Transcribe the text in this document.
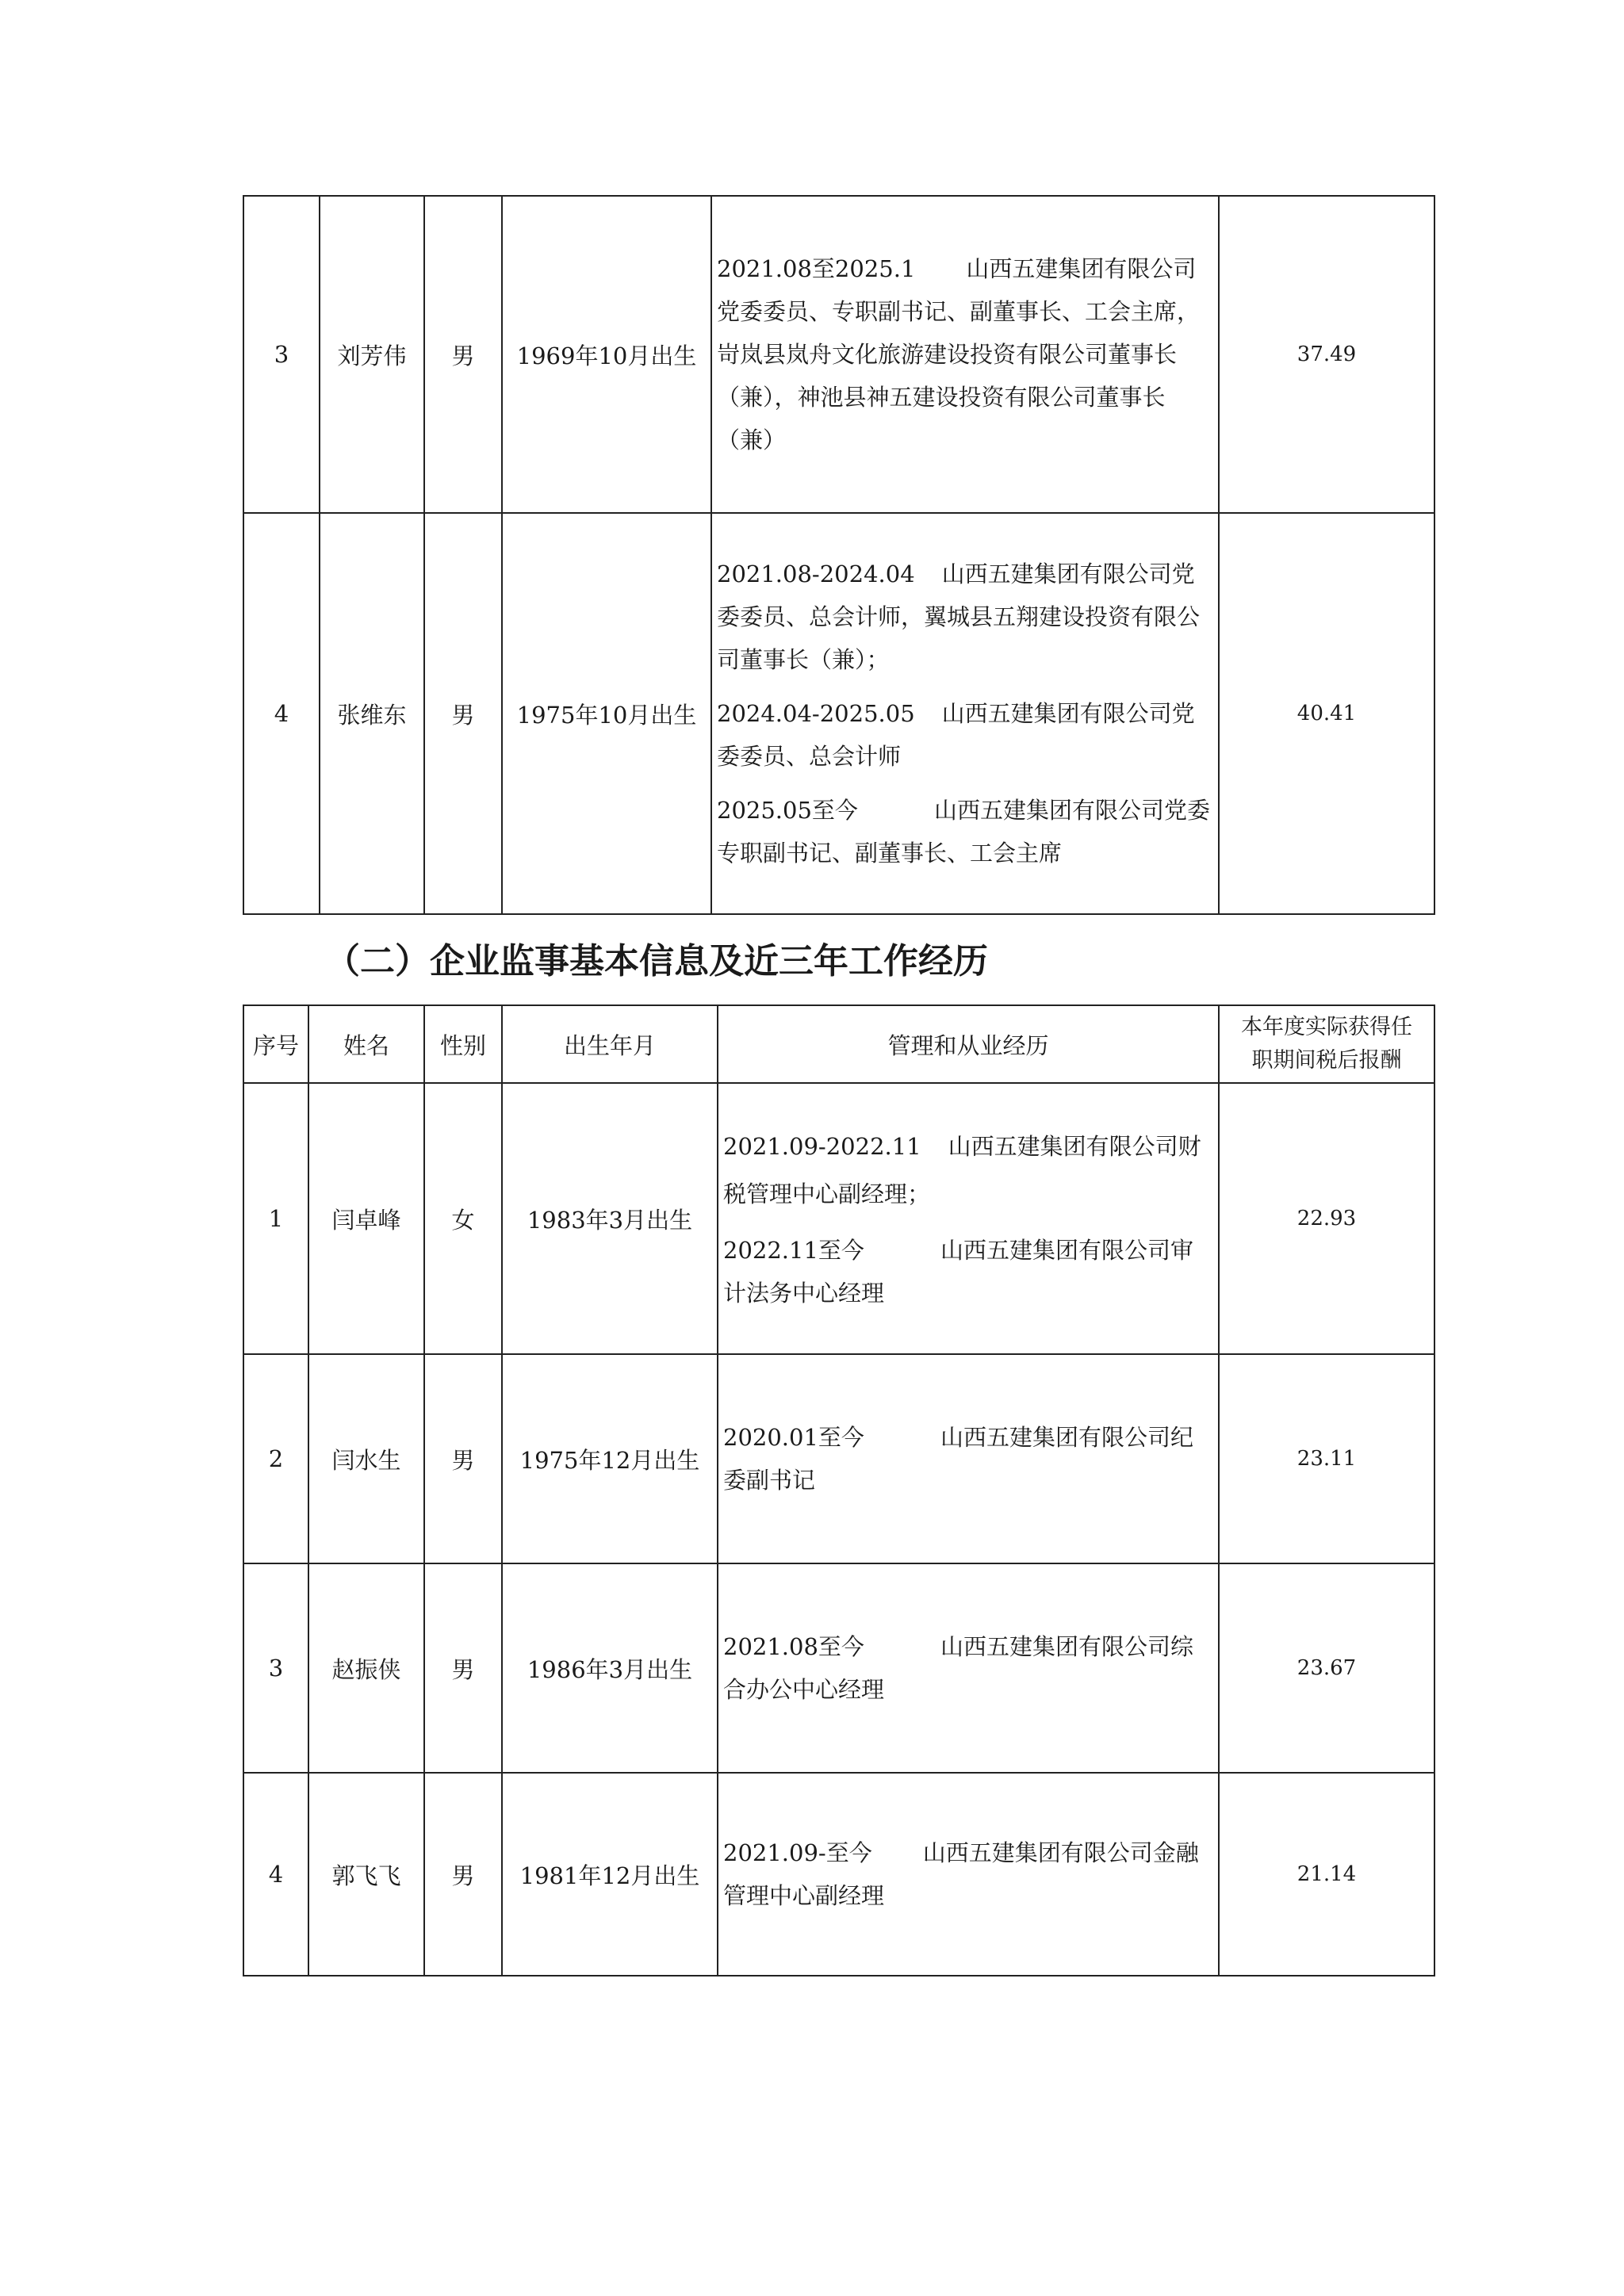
3	刘芳伟	男	1969年10月出生	2021.08至2025.1 山西五建集团有限公司党委委员、专职副书记、副董事长、工会主席，岢岚县岚舟文化旅游建设投资有限公司董事长（兼），神池县神五建设投资有限公司董事长（兼）	37.49
4	张维东	男	1975年10月出生	2021.08-2024.04 山西五建集团有限公司党委委员、总会计师，翼城县五翔建设投资有限公司董事长（兼）；

2024.04-2025.05 山西五建集团有限公司党委委员、总会计师

2025.05至今 山西五建集团有限公司党委专职副书记、副董事长、工会主席	40.41
（二）企业监事基本信息及近三年工作经历
序号	姓名	性别	出生年月	管理和从业经历	本年度实际获得任
职期间税后报酬

1	闫卓峰	女	1983年3月出生	2021.09-2022.11 山西五建集团有限公司财税管理中心副经理；

2022.11至今 山西五建集团有限公司审计法务中心经理	22.93
2	闫水生	男	1975年12月出生	2020.01至今 山西五建集团有限公司纪委副书记	23.11
3	赵振侠	男	1986年3月出生	2021.08至今 山西五建集团有限公司综合办公中心经理	23.67
4	郭飞飞	男	1981年12月出生	2021.09-至今 山西五建集团有限公司金融管理中心副经理	21.14
